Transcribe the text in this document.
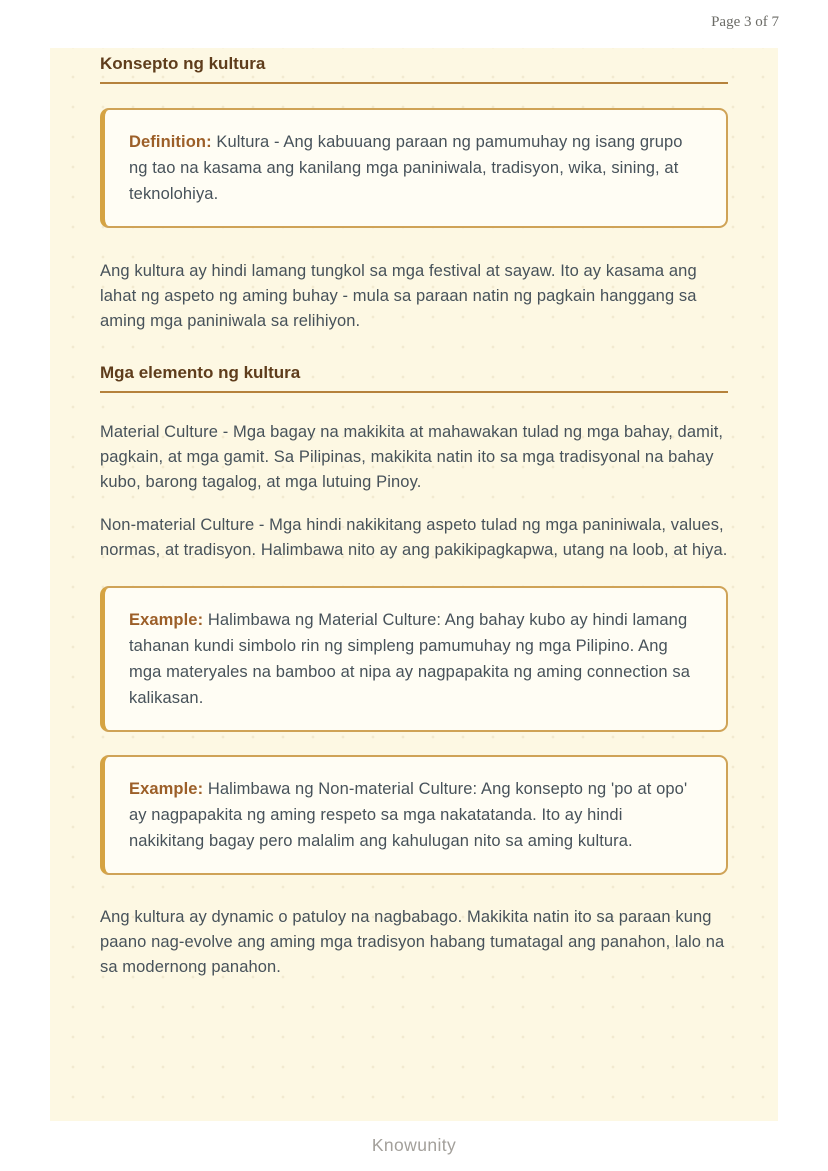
Page 3 of 7
Konsepto ng kultura

Definition: Kultura - Ang kabuuang paraan ng pamumuhay ng isang grupo ng tao na kasama ang kanilang mga paniniwala, tradisyon, wika, sining, at teknolohiya.

Ang kultura ay hindi lamang tungkol sa mga festival at sayaw. Ito ay kasama ang lahat ng aspeto ng aming buhay - mula sa paraan natin ng pagkain hanggang sa aming mga paniniwala sa relihiyon.

Mga elemento ng kultura

Material Culture - Mga bagay na makikita at mahawakan tulad ng mga bahay, damit, pagkain, at mga gamit. Sa Pilipinas, makikita natin ito sa mga tradisyonal na bahay kubo, barong tagalog, at mga lutuing Pinoy.

Non-material Culture - Mga hindi nakikitang aspeto tulad ng mga paniniwala, values, normas, at tradisyon. Halimbawa nito ay ang pakikipagkapwa, utang na loob, at hiya.

Example: Halimbawa ng Material Culture: Ang bahay kubo ay hindi lamang tahanan kundi simbolo rin ng simpleng pamumuhay ng mga Pilipino. Ang mga materyales na bamboo at nipa ay nagpapakita ng aming connection sa kalikasan.

Example: Halimbawa ng Non-material Culture: Ang konsepto ng 'po at opo' ay nagpapakita ng aming respeto sa mga nakatatanda. Ito ay hindi nakikitang bagay pero malalim ang kahulugan nito sa aming kultura.

Ang kultura ay dynamic o patuloy na nagbabago. Makikita natin ito sa paraan kung paano nag-evolve ang aming mga tradisyon habang tumatagal ang panahon, lalo na sa modernong panahon.

Knowunity
